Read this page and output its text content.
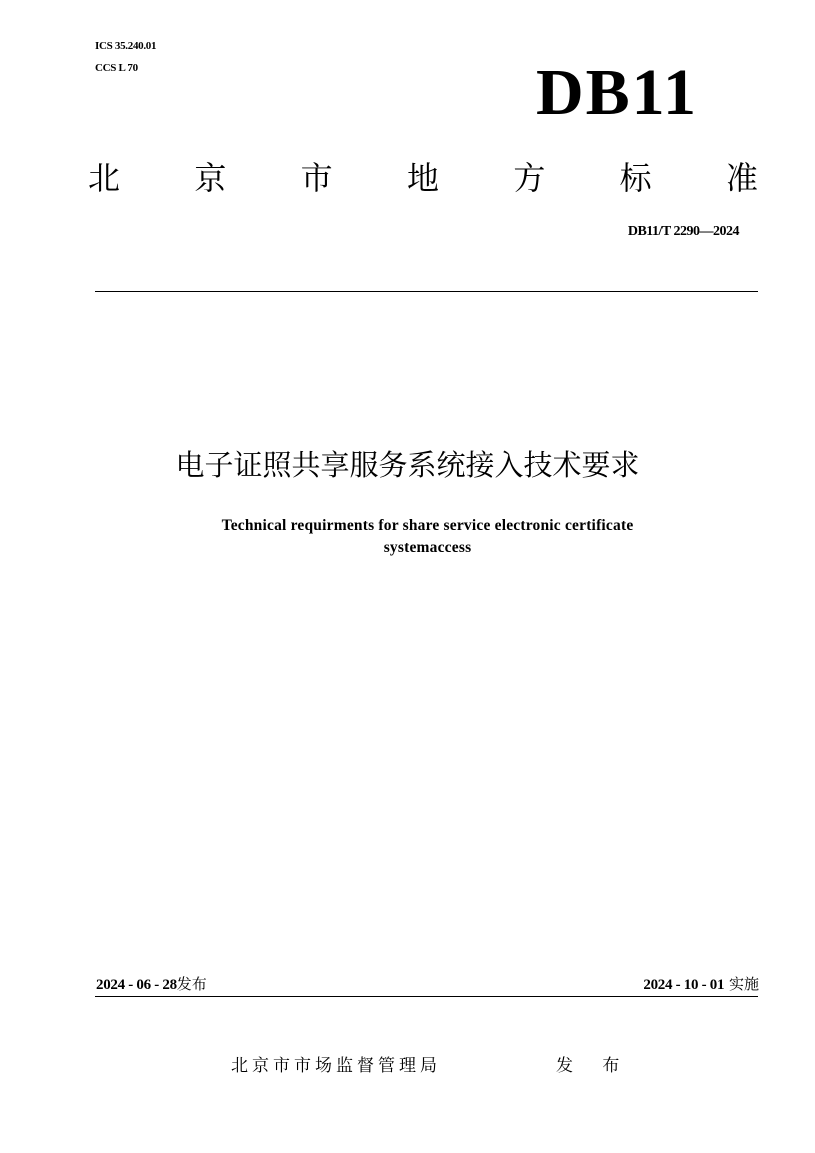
ICS 35.240.01
CCS L 70	DB11
北 京 市 地 方 标 准
DB11/T 2290—2024
电子证照共享服务系统接入技术要求
Technical requirments for share service electronic certificate
systemaccess
2024 - 06 - 28发布	2024 - 10 - 01 实施
北京市市场监督管理局	发 布
